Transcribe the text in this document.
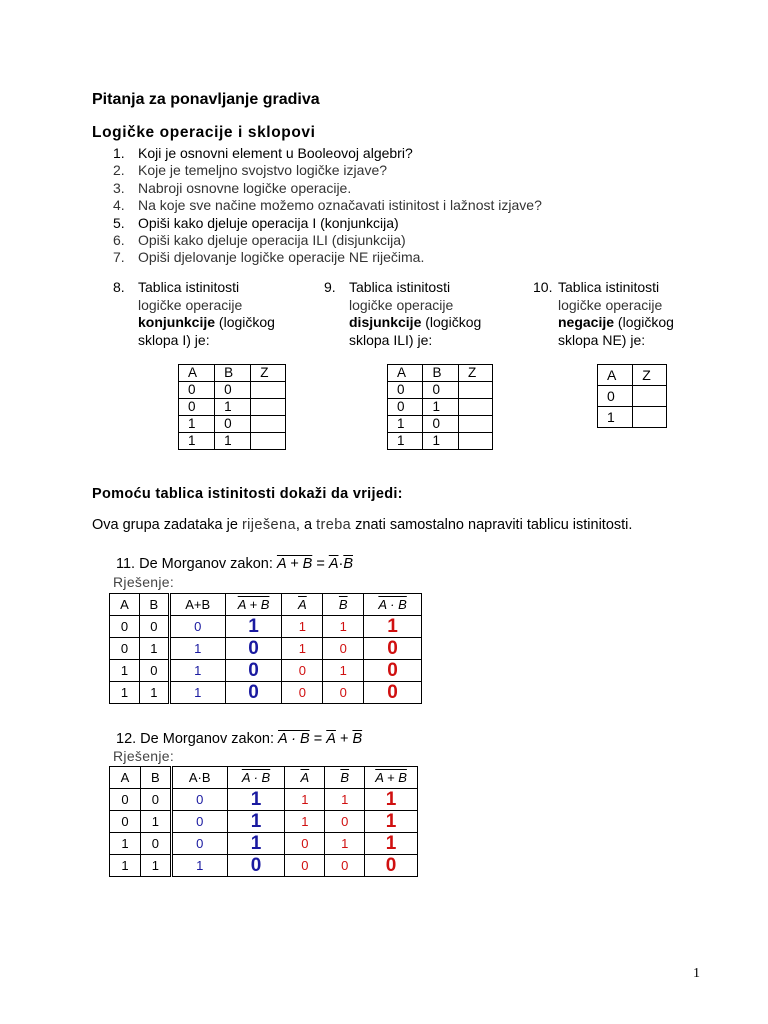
Pitanja za ponavljanje gradiva
Logičke operacije i sklopovi
1. Koji je osnovni element u Booleovoj algebri?
2. Koje je temeljno svojstvo logičke izjave?
3. Nabroji osnovne logičke operacije.
4. Na koje sve načine možemo označavati istinitost i lažnost izjave?
5. Opiši kako djeluje operacija I (konjunkcija)
6. Opiši kako djeluje operacija ILI (disjunkcija)
7. Opiši djelovanje logičke operacije NE riječima.
8. Tablica istinitosti
logičke operacije
konjunkcije (logičkog
sklopa I) je:
9. Tablica istinitosti
logičke operacije
disjunkcije (logičkog
sklopa ILI) je:
10. Tablica istinitosti
logičke operacije
negacije (logičkog
sklopa NE) je:
A	B	Z
0	0	
0	1	
1	0	
1	1	
A	B	Z
0	0	
0	1	
1	0	
1	1	
A	Z
0	
1	
Pomoću tablica istinitosti dokaži da vrijedi:
Ova grupa zadataka je riješena, a treba znati samostalno napraviti tablicu istinitosti.
11. De Morganov zakon: $A + B = \overline{A}\cdot\overline{B}$
Rješenje:
A	B	A+B	A + B	$\overline{A}$	$\overline{B}$	A · B
0	0	0	1	1	1	1
0	1	1	0	1	0	0
1	0	1	0	0	1	0
1	1	1	0	0	0	0
12. De Morganov zakon: $A \cdot B = \overline{A} + \overline{B}$
Rješenje:
A	B	A·B	A · B	$\overline{A}$	$\overline{B}$	A + B
0	0	0	1	1	1	1
0	1	0	1	1	0	1
1	0	0	1	0	1	1
1	1	1	0	0	0	0
1
